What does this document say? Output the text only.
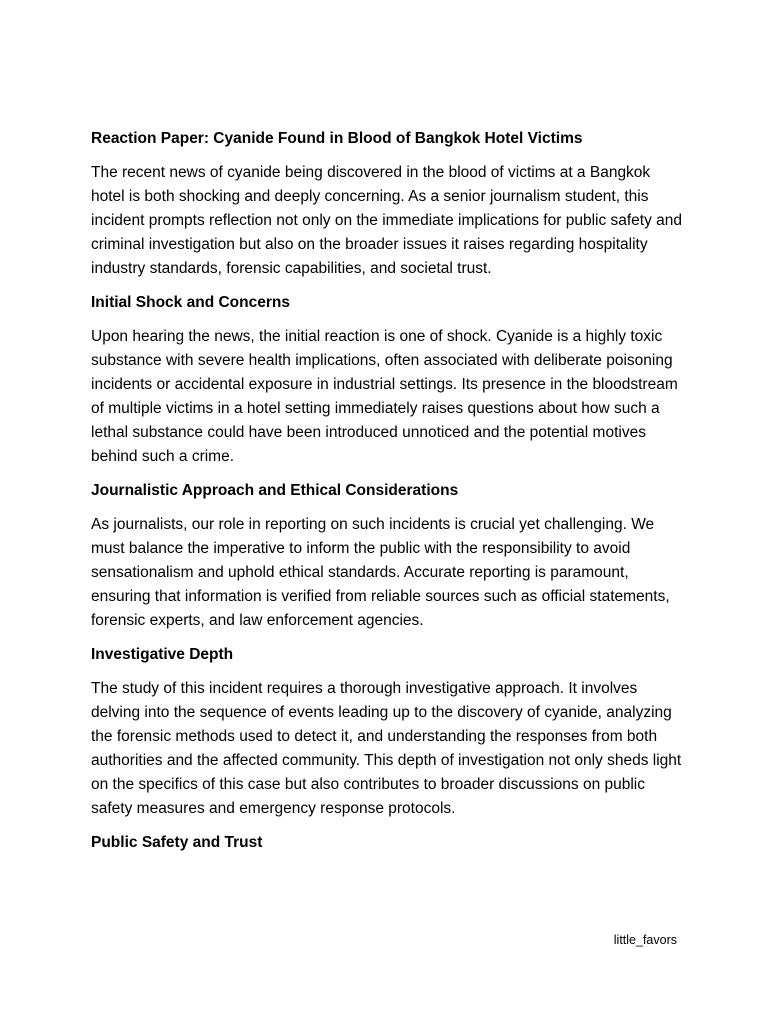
Reaction Paper: Cyanide Found in Blood of Bangkok Hotel Victims
The recent news of cyanide being discovered in the blood of victims at a Bangkok hotel is both shocking and deeply concerning. As a senior journalism student, this incident prompts reflection not only on the immediate implications for public safety and criminal investigation but also on the broader issues it raises regarding hospitality industry standards, forensic capabilities, and societal trust.
Initial Shock and Concerns
Upon hearing the news, the initial reaction is one of shock. Cyanide is a highly toxic substance with severe health implications, often associated with deliberate poisoning incidents or accidental exposure in industrial settings. Its presence in the bloodstream of multiple victims in a hotel setting immediately raises questions about how such a lethal substance could have been introduced unnoticed and the potential motives behind such a crime.
Journalistic Approach and Ethical Considerations
As journalists, our role in reporting on such incidents is crucial yet challenging. We must balance the imperative to inform the public with the responsibility to avoid sensationalism and uphold ethical standards. Accurate reporting is paramount, ensuring that information is verified from reliable sources such as official statements, forensic experts, and law enforcement agencies.
Investigative Depth
The study of this incident requires a thorough investigative approach. It involves delving into the sequence of events leading up to the discovery of cyanide, analyzing the forensic methods used to detect it, and understanding the responses from both authorities and the affected community. This depth of investigation not only sheds light on the specifics of this case but also contributes to broader discussions on public safety measures and emergency response protocols.
Public Safety and Trust
little_favors
